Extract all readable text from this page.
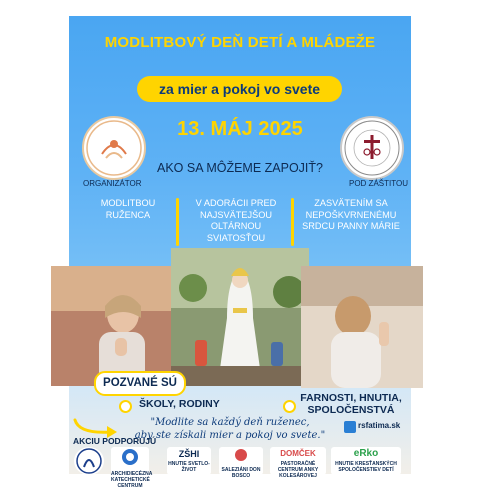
MODLITBOVÝ DEŇ DETÍ A MLÁDEŽE
za mier a pokoj vo svete
ORGANIZÁTOR	POD ZÁŠTITOU
13. MÁJ 2025
AKO SA MÔŽEME ZAPOJIŤ?
MODLITBOU
RUŽENCA
V ADORÁCII PRED
NAJSVÄTEJŠOU
OLTÁRNOU
SVIATOSŤOU
ZASVÄTENÍM SA
NEPOŠKVRNENÉMU
SRDCU PANNY MÁRIE
POZVANÉ SÚ
ŠKOLY, RODINY	FARNOSTI, HNUTIA,
SPOLOČENSTVÁ
"Modlite sa každý deň ruženec,
aby ste získali mier a pokoj vo svete."
rsfatima.sk
AKCIU PODPORUJÚ
ARCHIDIECÉZNA KATECHETICKÉ CENTRUM
ZŠHI
HNUTIE SVETLO-ŽIVOT	SALEZIÁNI DON BOSCO
DOMČEK
PASTORAČNÉ CENTRUM ANKY KOLESÁROVEJ
eRko
HNUTIE KRESŤANSKÝCH SPOLOČENSTIEV DETÍ
